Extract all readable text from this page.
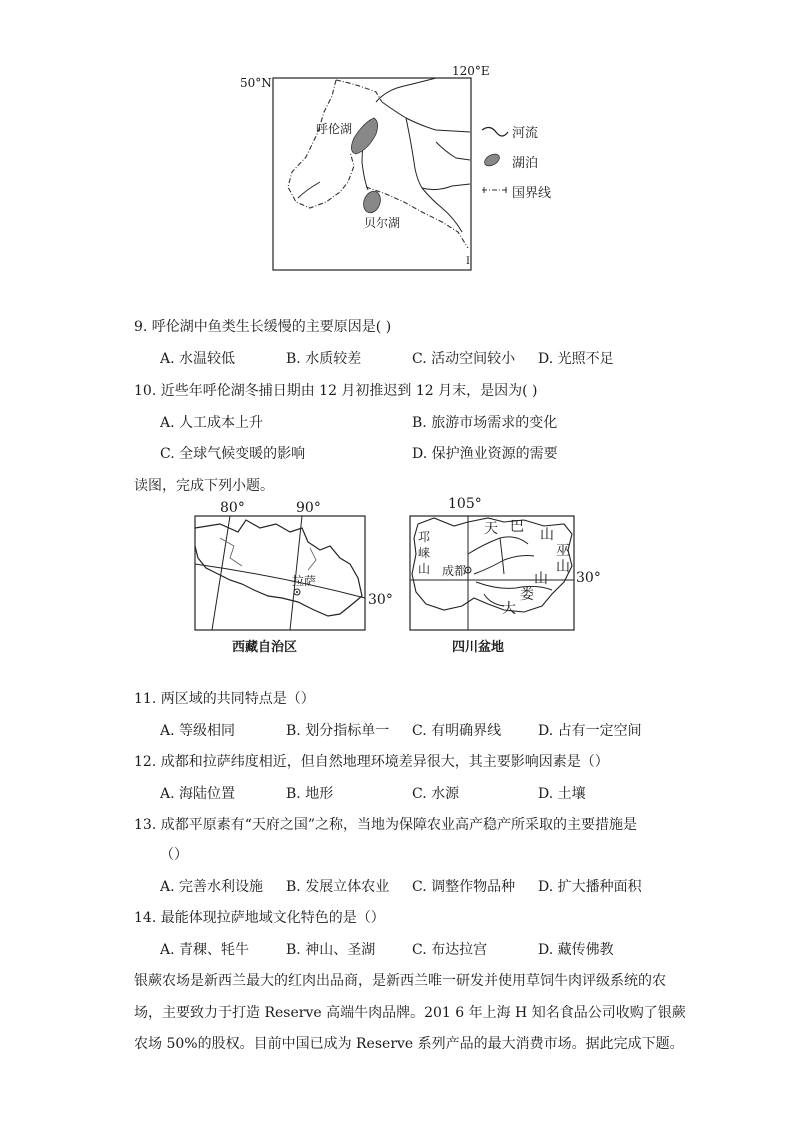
50°N
120°E
呼伦湖
贝尔湖
I
河流
湖泊
国界线
9. 呼伦湖中鱼类生长缓慢的主要原因是( )
A. 水温较低	B. 水质较差	C. 活动空间较小 D. 光照不足
10. 近些年呼伦湖冬捕日期由 12 月初推迟到 12 月末，是因为( )
A. 人工成本上升	B. 旅游市场需求的变化
C. 全球气候变暖的影响	D. 保护渔业资源的需要
读图，完成下列小题。
80°	90°
30°
拉萨
西藏自治区
105°
30°
邛
崃
山 成都
天 巴 山
巫
山
山
娄
大
四川盆地
11. 两区域的共同特点是（）
A. 等级相同	B. 划分指标单一 C. 有明确界线	D. 占有一定空间
12. 成都和拉萨纬度相近，但自然地理环境差异很大，其主要影响因素是（）
A. 海陆位置	B. 地形	C. 水源	D. 土壤
13. 成都平原素有“天府之国”之称，当地为保障农业高产稳产所采取的主要措施是
（）
A. 完善水利设施 B. 发展立体农业 C. 调整作物品种 D. 扩大播种面积
14. 最能体现拉萨地域文化特色的是（）
A. 青稞、牦牛	B. 神山、圣湖	C. 布达拉宫	D. 藏传佛教
银蕨农场是新西兰最大的红肉出品商，是新西兰唯一研发并使用草饲牛肉评级系统的农
场，主要致力于打造 Reserve 高端牛肉品牌。201 6 年上海 H 知名食品公司收购了银蕨
农场 50%的股权。目前中国已成为 Reserve 系列产品的最大消费市场。据此完成下题。
